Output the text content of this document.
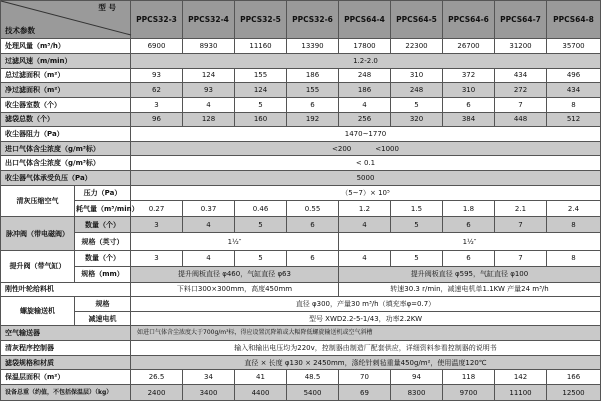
型 号
技术参数		PPCS32-3	PPCS32-4	PPCS32-5	PPCS32-6	PPCS64-4	PPCS64-5	PPCS64-6	PPCS64-7	PPCS64-8
处理风量（m³/h）		6900	8930	11160	13390	17800	22300	26700	31200	35700
过滤风速（m/min）		1.2-2.0								
总过滤面积（m²）		93	124	155	186	248	310	372	434	496
净过滤面积（m²）		62	93	124	155	186	248	310	272	434
收尘器室数（个）		3	4	5	6	4	5	6	7	8
滤袋总数（个）		96	128	160	192	256	320	384	448	512
收尘器阻力（Pa）		1470~1770								
进口气体含尘浓度（g/m³标）		<200 <1000								
出口气体含尘浓度（g/m³标）		< 0.1								
收尘器气体承受负压（Pa）		5000								
清灰压缩空气	压力（Pa）	（5~7）× 10⁵								
	耗气量（m³/min）	0.27	0.37	0.46	0.55	1.2	1.5	1.8	2.1	2.4
脉冲阀（带电磁阀）	数量（个）	3	4	5	6	4	5	6	7	8
	规格（英寸）	1½″				1½″				
提升阀（带气缸）	数量（个）	3	4	5	6	4	5	6	7	8
	规格（mm）	提升阀板直径 φ460，气缸直径 φ63				提升阀板直径 φ595，气缸直径 φ100				
刚性叶轮给料机		下料口300×300mm，高度450mm				转速30.3 r/min，减速电机单1.1KW 产量24 m³/h				
螺旋输送机	规格	直径 φ300，产量30 m³/h（填充率φ=0.7）								
	减速电机	型号 XWD2.2-5-1/43，功率2.2KW								
空气输送器		如进口气体含尘浓度大于700g/m³标，得应设置沉降箱或大幅降低螺旋输送机或空气斜槽								
清灰程序控制器		输入和输出电压均为220v，控制器由制造厂配套供应，详细资料参看控制器的说明书								
滤袋规格和材质		直径 × 长度 φ130 × 2450mm，涤纶针刺毡重量450g/m²，使用温度120℃								
保温层面积（m²）		26.5	34	41	48.5	70	94	118	142	166
设备总重（约值，不包括保温层）（kg）		2400	3400	4400	5400	69	8300	9700	11100	12500
